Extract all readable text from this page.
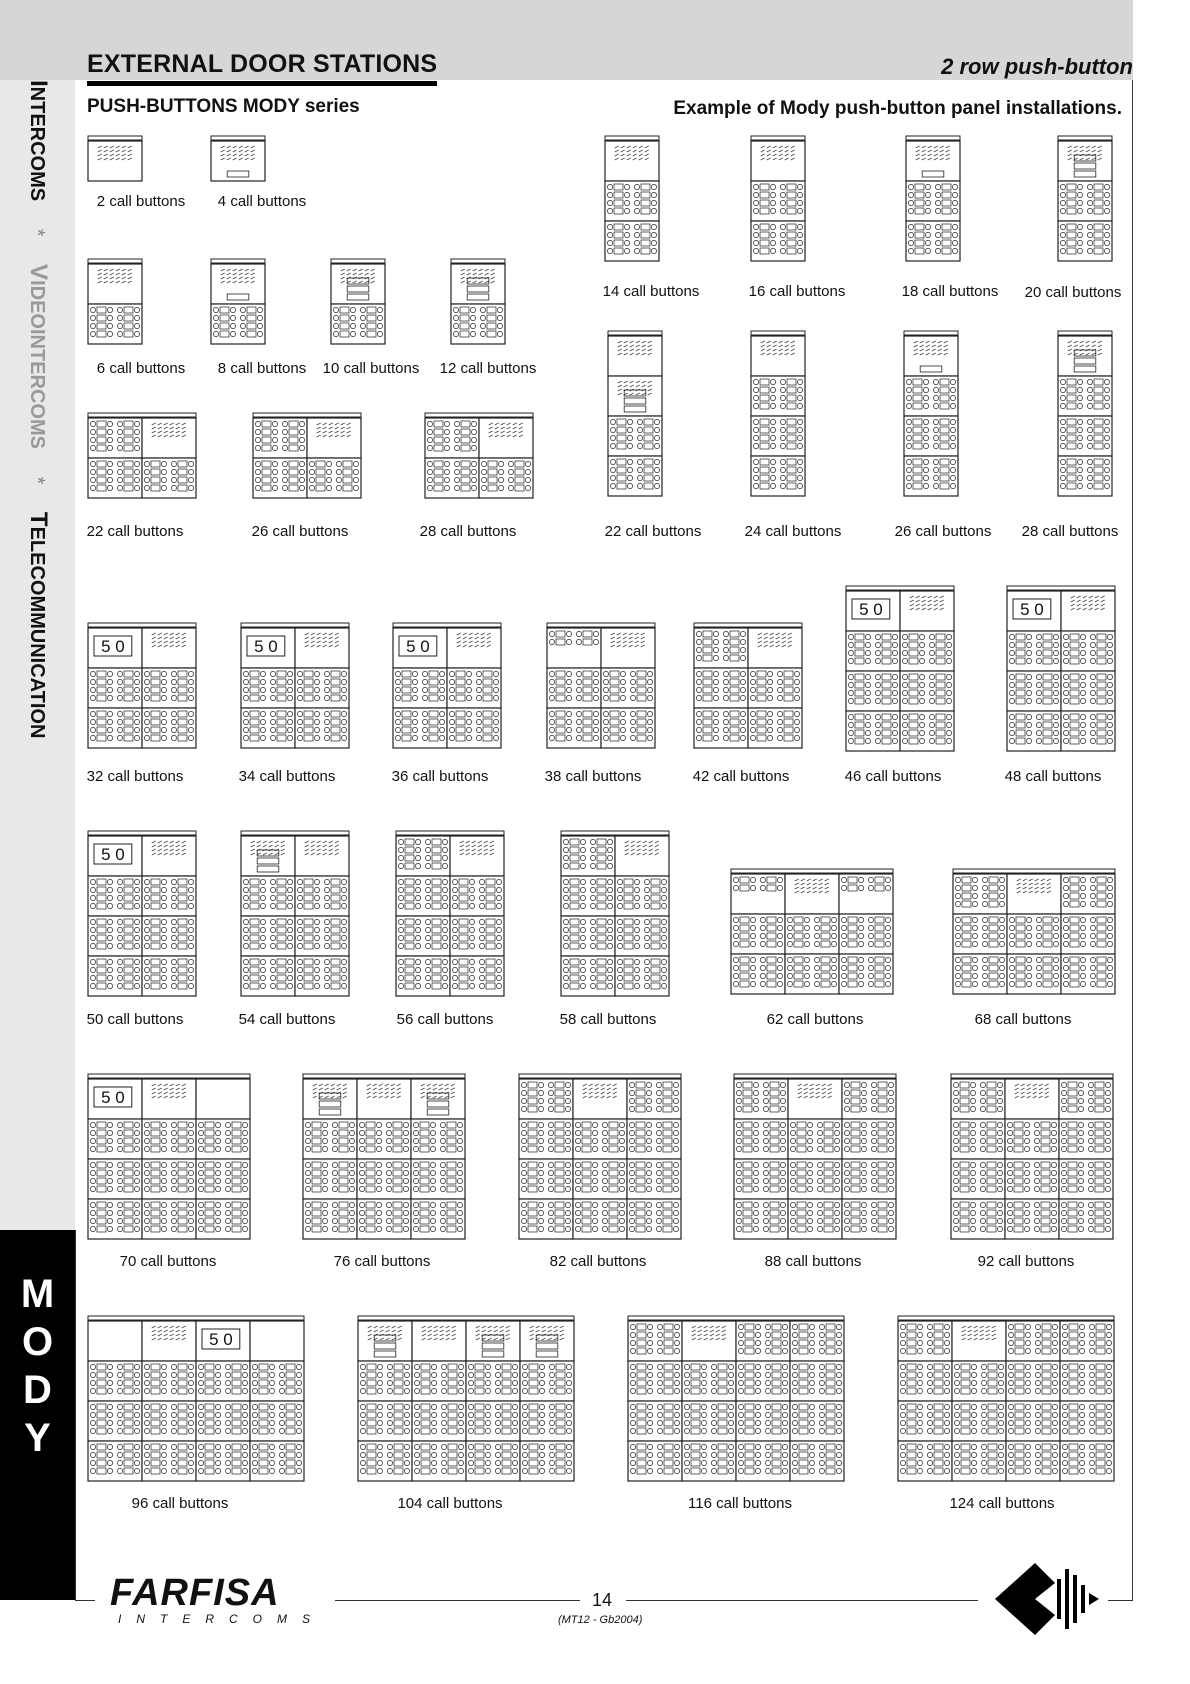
EXTERNAL DOOR STATIONS	2 row push-button
INTERCOMS * VIDEOINTERCOMS * TELECOMMUNICATION
M
O
D
Y
PUSH-BUTTONS MODY series	Example of Mody push-button panel installations.
2 call buttons 4 call buttons
6 call buttons 8 call buttons 10 call buttons 12 call buttons
22 call buttons	26 call buttons	28 call buttons
14 call buttons	16 call buttons	18 call buttons 20 call buttons
22 call buttons	24 call buttons	26 call buttons 28 call buttons
5 0
32 call buttons
5 0
34 call buttons
5 0
36 call buttons	38 call buttons	42 call buttons
5 0
46 call buttons
5 0
48 call buttons
5 0
50 call buttons	54 call buttons	56 call buttons	58 call buttons	62 call buttons	68 call buttons
5 0
70 call buttons	76 call buttons	82 call buttons	88 call buttons	92 call buttons
5 0
96 call buttons	104 call buttons	116 call buttons	124 call buttons
FARFISA
INTERCOMS
14
(MT12 - Gb2004)
